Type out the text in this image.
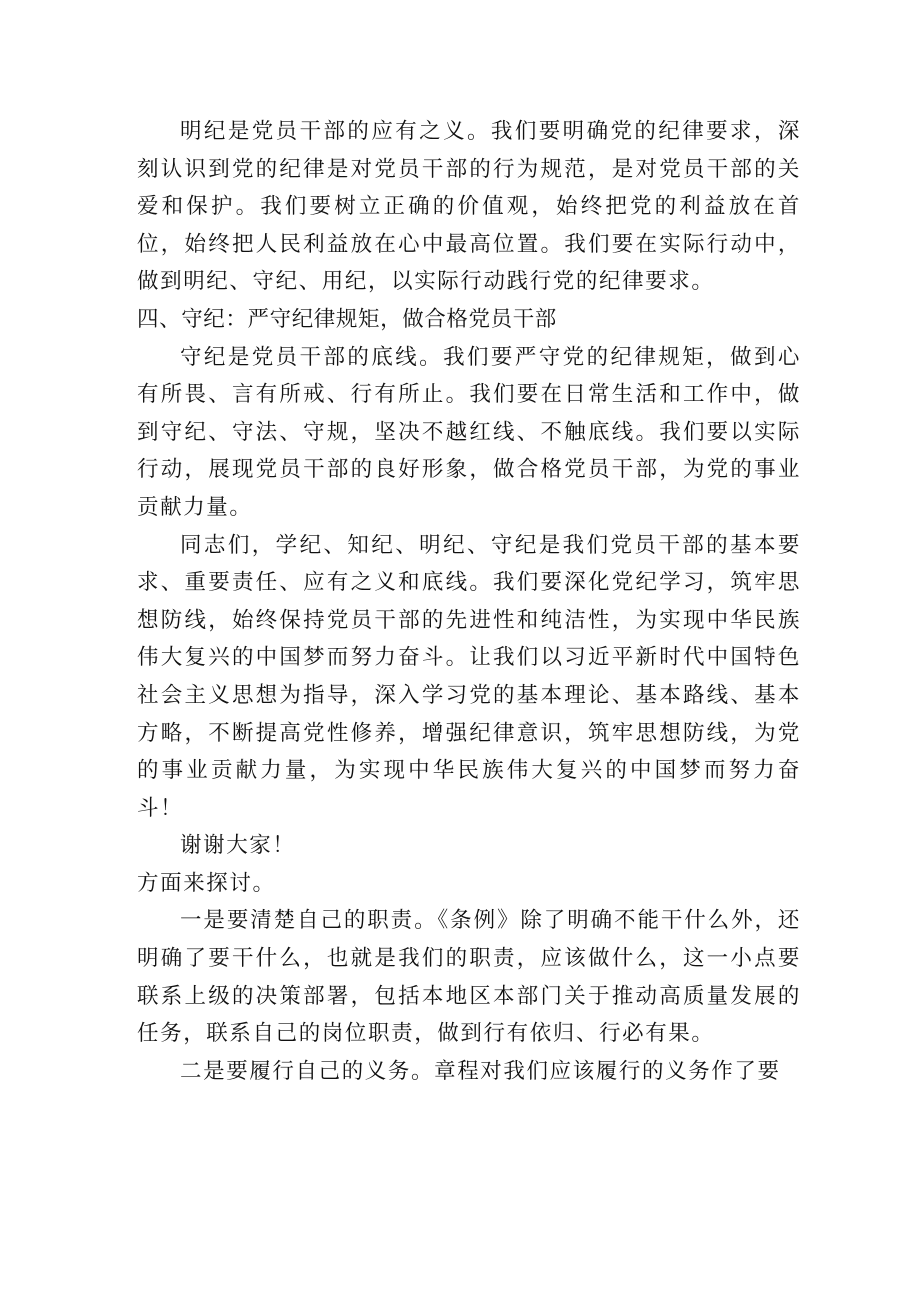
明纪是党员干部的应有之义。我们要明确党的纪律要求，深刻认识到党的纪律是对党员干部的行为规范，是对党员干部的关爱和保护。我们要树立正确的价值观，始终把党的利益放在首位，始终把人民利益放在心中最高位置。我们要在实际行动中，做到明纪、守纪、用纪，以实际行动践行党的纪律要求。

四、守纪：严守纪律规矩，做合格党员干部

守纪是党员干部的底线。我们要严守党的纪律规矩，做到心有所畏、言有所戒、行有所止。我们要在日常生活和工作中，做到守纪、守法、守规，坚决不越红线、不触底线。我们要以实际行动，展现党员干部的良好形象，做合格党员干部，为党的事业贡献力量。

同志们，学纪、知纪、明纪、守纪是我们党员干部的基本要求、重要责任、应有之义和底线。我们要深化党纪学习，筑牢思想防线，始终保持党员干部的先进性和纯洁性，为实现中华民族伟大复兴的中国梦而努力奋斗。让我们以习近平新时代中国特色社会主义思想为指导，深入学习党的基本理论、基本路线、基本方略，不断提高党性修养，增强纪律意识，筑牢思想防线，为党的事业贡献力量，为实现中华民族伟大复兴的中国梦而努力奋斗！

谢谢大家！

方面来探讨。

一是要清楚自己的职责。《条例》除了明确不能干什么外，还明确了要干什么，也就是我们的职责，应该做什么，这一小点要联系上级的决策部署，包括本地区本部门关于推动高质量发展的任务，联系自己的岗位职责，做到行有依归、行必有果。

二是要履行自己的义务。章程对我们应该履行的义务作了要
